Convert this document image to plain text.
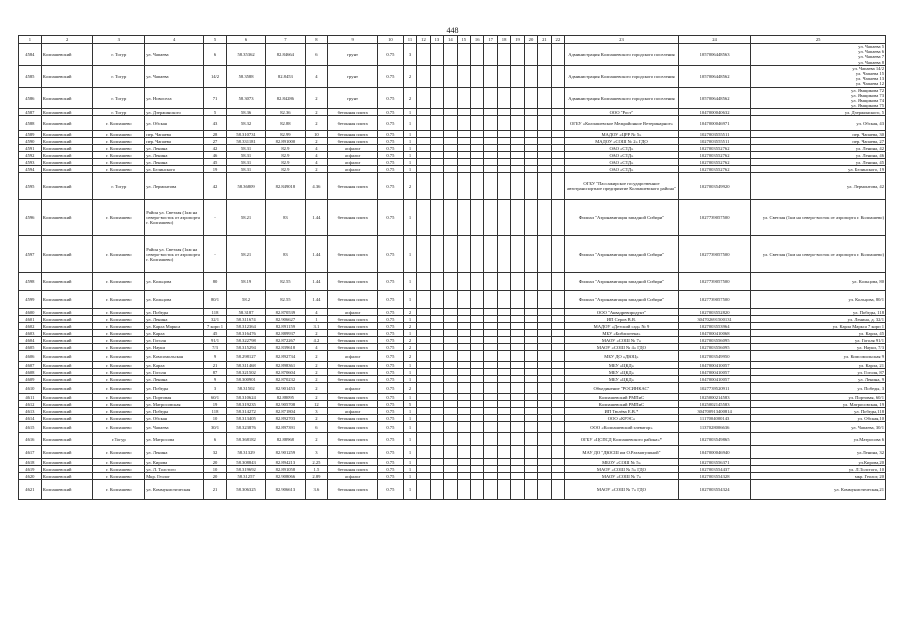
448
1	2	3	4	5	6	7	8	9	10	11	12	13	14	15	16	17	18	19	20	21	22	23	24	25
4584	Колпашевский	г. Тогур	ул. Чапаева	6	58.35362	82.84664	6	грунт	0.75	3												Администрация Колпашевского городского поселения	1057006448563	ул. Чапаева 5
ул. Чапаева 6
ул. Чапаева 7
ул. Чапаева 8
4585	Колпашевский	г. Тогур	ул. Чапаева	14/2	58.3588	82.8453	4	грунт	0.75	2												Администрация Колпашевского городского поселения	1057006448562	ул. Чапаева 14/2
ул. Чапаева 15
ул. Чапаева 13
ул. Чапаева 12
4586	Колпашевский	г. Тогур	ул. Новосела	71	58.3073	82.84286	2	грунт	0.75	2												Администрация Колпашевского городского поселения	1057006448562	ул. Ямщикова 72
ул. Ямщикова 73
ул. Ямщикова 74
ул. Ямщикова 75
4587	Колпашевский	г. Тогур	ул. Дзержинского	5	58.36	82.36	2	бетонная плита	0.75	1												ООО "Рост"	1047000040632	ул. Дзержинского, 5
4588	Колпашевский	г. Колпашево	ул. Обская	43	58.32	82.88	2	бетонная плита	0.75	1												ОГБУ «Колпашевское Межрайонное Ветеринарное»	1047000046971	ул. Обская, 43
4589	Колпашевский	г. Колпашево	пер. Чапаева	28	58.310731	82.99	10	бетонная плита	0.75	1												МАДОУ «ЦРР № 5»	1027003555511	пер. Чапаева, 30
4590	Колпашевский	г. Колпашево	пер. Чапаева	27	58.331181	82.891000	2	бетонная плита	0.75	1												МАДОУ «СОШ № 2» ГДО	1027003555511	пер. Чапаева, 27
4591	Колпашевский	г. Колпашево	ул. Ленина	42	58.31	82.9	4	асфальт	0.75	1												ОАО «СТД»	1027003552762	ул. Ленина, 42
4592	Колпашевский	г. Колпашево	ул. Ленина	46	58.31	82.9	4	асфальт	0.75	1												ОАО «СТД»	1027003552762	ул. Ленина, 46
4593	Колпашевский	г. Колпашево	ул. Ленина	45	58.31	82.9	4	асфальт	0.75	1												ОАО «СТД»	1027003552762	ул. Ленина, 45
4594	Колпашевский	г. Колпашево	ул. Белинского	19	58.31	82.9	2	асфальт	0.75	1												ОАО «СТД»	1027003552762	ул. Белинского, 19
4595	Колпашевский	г. Тогур	ул. Лермонтова	42	58.36809	82.849018	4.36	бетонная плита	0.75	2												ОГБУ "Пассажирское государственное автотранспортное предприятие Колпашевского района"	1027003549920	ул. Лермонтова, 42
4596	Колпашевский	г. Колпашево	Район ул. Светлая (1км на северо-восток от аэропорта г. Колпашево)	-	58.21	83	1.44	бетонная плита	0.75	1												Филиал "Аэронавигация западной Сибири"	1027739057500	ул. Светлая (1км на северо-восток от аэропорта г. Колпашево)
4597	Колпашевский	г. Колпашево	Район ул. Светлая (1км на северо-восток от аэропорта г. Колпашево)	-	58.21	83	1.44	бетонная плита	0.75	1												Филиал "Аэронавигация западной Сибири"	1027739057500	ул. Светлая (1км на северо-восток от аэропорта г. Колпашево)
4598	Колпашевский	г. Колпашево	ул. Кольцова	80	58.19	82.55	1.44	бетонная плита	0.75	1												Филиал "Аэронавигация западной Сибири"	1027739057500	ул. Кольцова, 80
4599	Колпашевский	г. Колпашево	ул. Кольцова	80/1	58.2	82.55	1.44	бетонная плита	0.75	1												Филиал "Аэронавигация западной Сибири"	1027739057500	ул. Кольцова, 80/1
4600	Колпашевский	г. Колпашево	ул. Победы	118	58.3187	82.870539	4	асфальт	0.75	2												ООО "Аквадревпродукт"	1027003552820	ул. Победы, 118
4601	Колпашевский	г. Колпашево	ул. Ленина	32/1	58.311674	82.906627	1	бетонная плита	0.75	1												ИП Серов В.В.	304702691500131	ул. Ленина, д. 32/1
4602	Колпашевский	г. Колпашево	ул. Карла Маркса	7 корп 1	58.312364	82.891159	3.1	бетонная плита	0.75	2												МАДОУ «Детский сад» № 9	1027003553964	ул. Карла Маркса 7 корп 1
4603	Колпашевский	г. Колпашево	ул. Карла	45	58.316476	82.889937	2	бетонная плита	0.75	1												МБУ «Библиотека»	1047000410068	ул. Карла, 45
4604	Колпашевский	г. Колпашево	ул. Гоголя	91/1	58.322798	82.872267	4.2	бетонная плита	0.75	2												МАОУ «СОШ № 7»	1027003556095	ул. Гоголя 91/1
4605	Колпашевский	г. Колпашево	ул. Науки	7/3	58.315294	82.839618	4	бетонная плита	0.75	2												МАОУ «СОШ № 4» ГДО	1027003556095	ул. Науки, 7/3
4606	Колпашевский	г. Колпашево	ул. Комсомольская	9	58.298127	82.892734	2	асфальт	0.75	2												МБУ ДО «ДЮЦ»	1027003549950	ул. Комсомольская 9
4607	Колпашевский	г. Колпашево	ул. Карла	21	58.311468	82.898361	2	бетонная плита	0.75	1												МБУ «ЦКД»	1047000410057	ул. Карла, 21
4608	Колпашевский	г. Колпашево	ул. Гоголя	87	58.321502	82.870604	2	бетонная плита	0.75	1												МБУ «ЦКД»	1047000410057	ул. Гоголя, 87
4609	Колпашевский	г. Колпашево	ул. Ленина	9	58.300901	82.870232	2	бетонная плита	0.75	1												МБУ «ЦКД»	1047000410057	ул. Ленина, 9
4610	Колпашевский	г. Колпашево	ул. Победы	3	58.31502	82.901453	2	асфальт	0.75	2												Объединение "РОСИНКАС"	1027739520911	ул. Победы, 3
4611	Колпашевский	г. Колпашево	ул. Портовая	60/1	58.310624	82.88095	2	бетонная плита	0.75	1												Колпашевский РМПиС	1025000214583	ул. Портовая, 60/1
4612	Колпашевский	г. Колпашево	ул. Матросовская	19	58.319235	82.905708	12	бетонная плита	0.75	5												Колпашевский РМПиС	1025002145583	ул. Матросовская, 19
4613	Колпашевский	г. Колпашево	ул. Победы	118	58.314272	82.871804	3	асфальт	0.75	1												ИП Тюлёва Е.В.*	304700913400814	ул. Победы,118
4614	Колпашевский	г. Колпашево	ул. Обская	10	58.313405	82.892703	2	бетонная плита	0.75	1												ООО «КРЭС»	1117004000143	ул. Обская,10
4615	Колпашевский	г. Колпашево	ул. Чапаева	30/1	58.323876	82.897391	6	бетонная плита	0.75	1												ООО «Колпашевский элеватор»	1137028006636	ул. Чапаева, 30/1
4616	Колпашевский	г.Тогур	ул. Матросова	6	58.368182	82.88968	2	бетонная плита	0.75	1												ОГБУ «ЦСПСД Колпашевского района»*	1027003549865	ул.Матросова 6
4617	Колпашевский	г. Колпашево	ул. Ленина	32	58.31329	82.901259	3	бетонная плита	0.75	1												МАУ ДО "ДЮСШ им О.Рахматулиной"	1047000046940	ул.Ленина, 32
4618	Колпашевский	г. Колпашево	ул. Кирова	20	58.308843	82.894213	2.25	бетонная плита	0.75	1												МБОУ «СОШ № 5»	1027003556371	ул.Кирова,20
4619	Колпашевский	г. Колпашево	ул. Л. Толстого	10	58.319692	82.891058	1.5	бетонная плита	0.75	1												МАОУ «СОШ № 5» ГДО	1027003554437	ул. Л.Толстого, 10
4620	Колпашевский	г. Колпашево	Мкр. Геолог	20	58.31257	82.908066	2.89	асфальт	0.75	1												МАОУ «СОШ № 7»	1027003554328	мкр. Геолог, 20
4621	Колпашевский	г. Колпашево	ул. Коммунистическая	21	58.306325	82.906613	3.6	бетонная плита	0.75	1												МАОУ «СОШ № 7» ГДО	1027003554324	ул. Коммунистическая,21
